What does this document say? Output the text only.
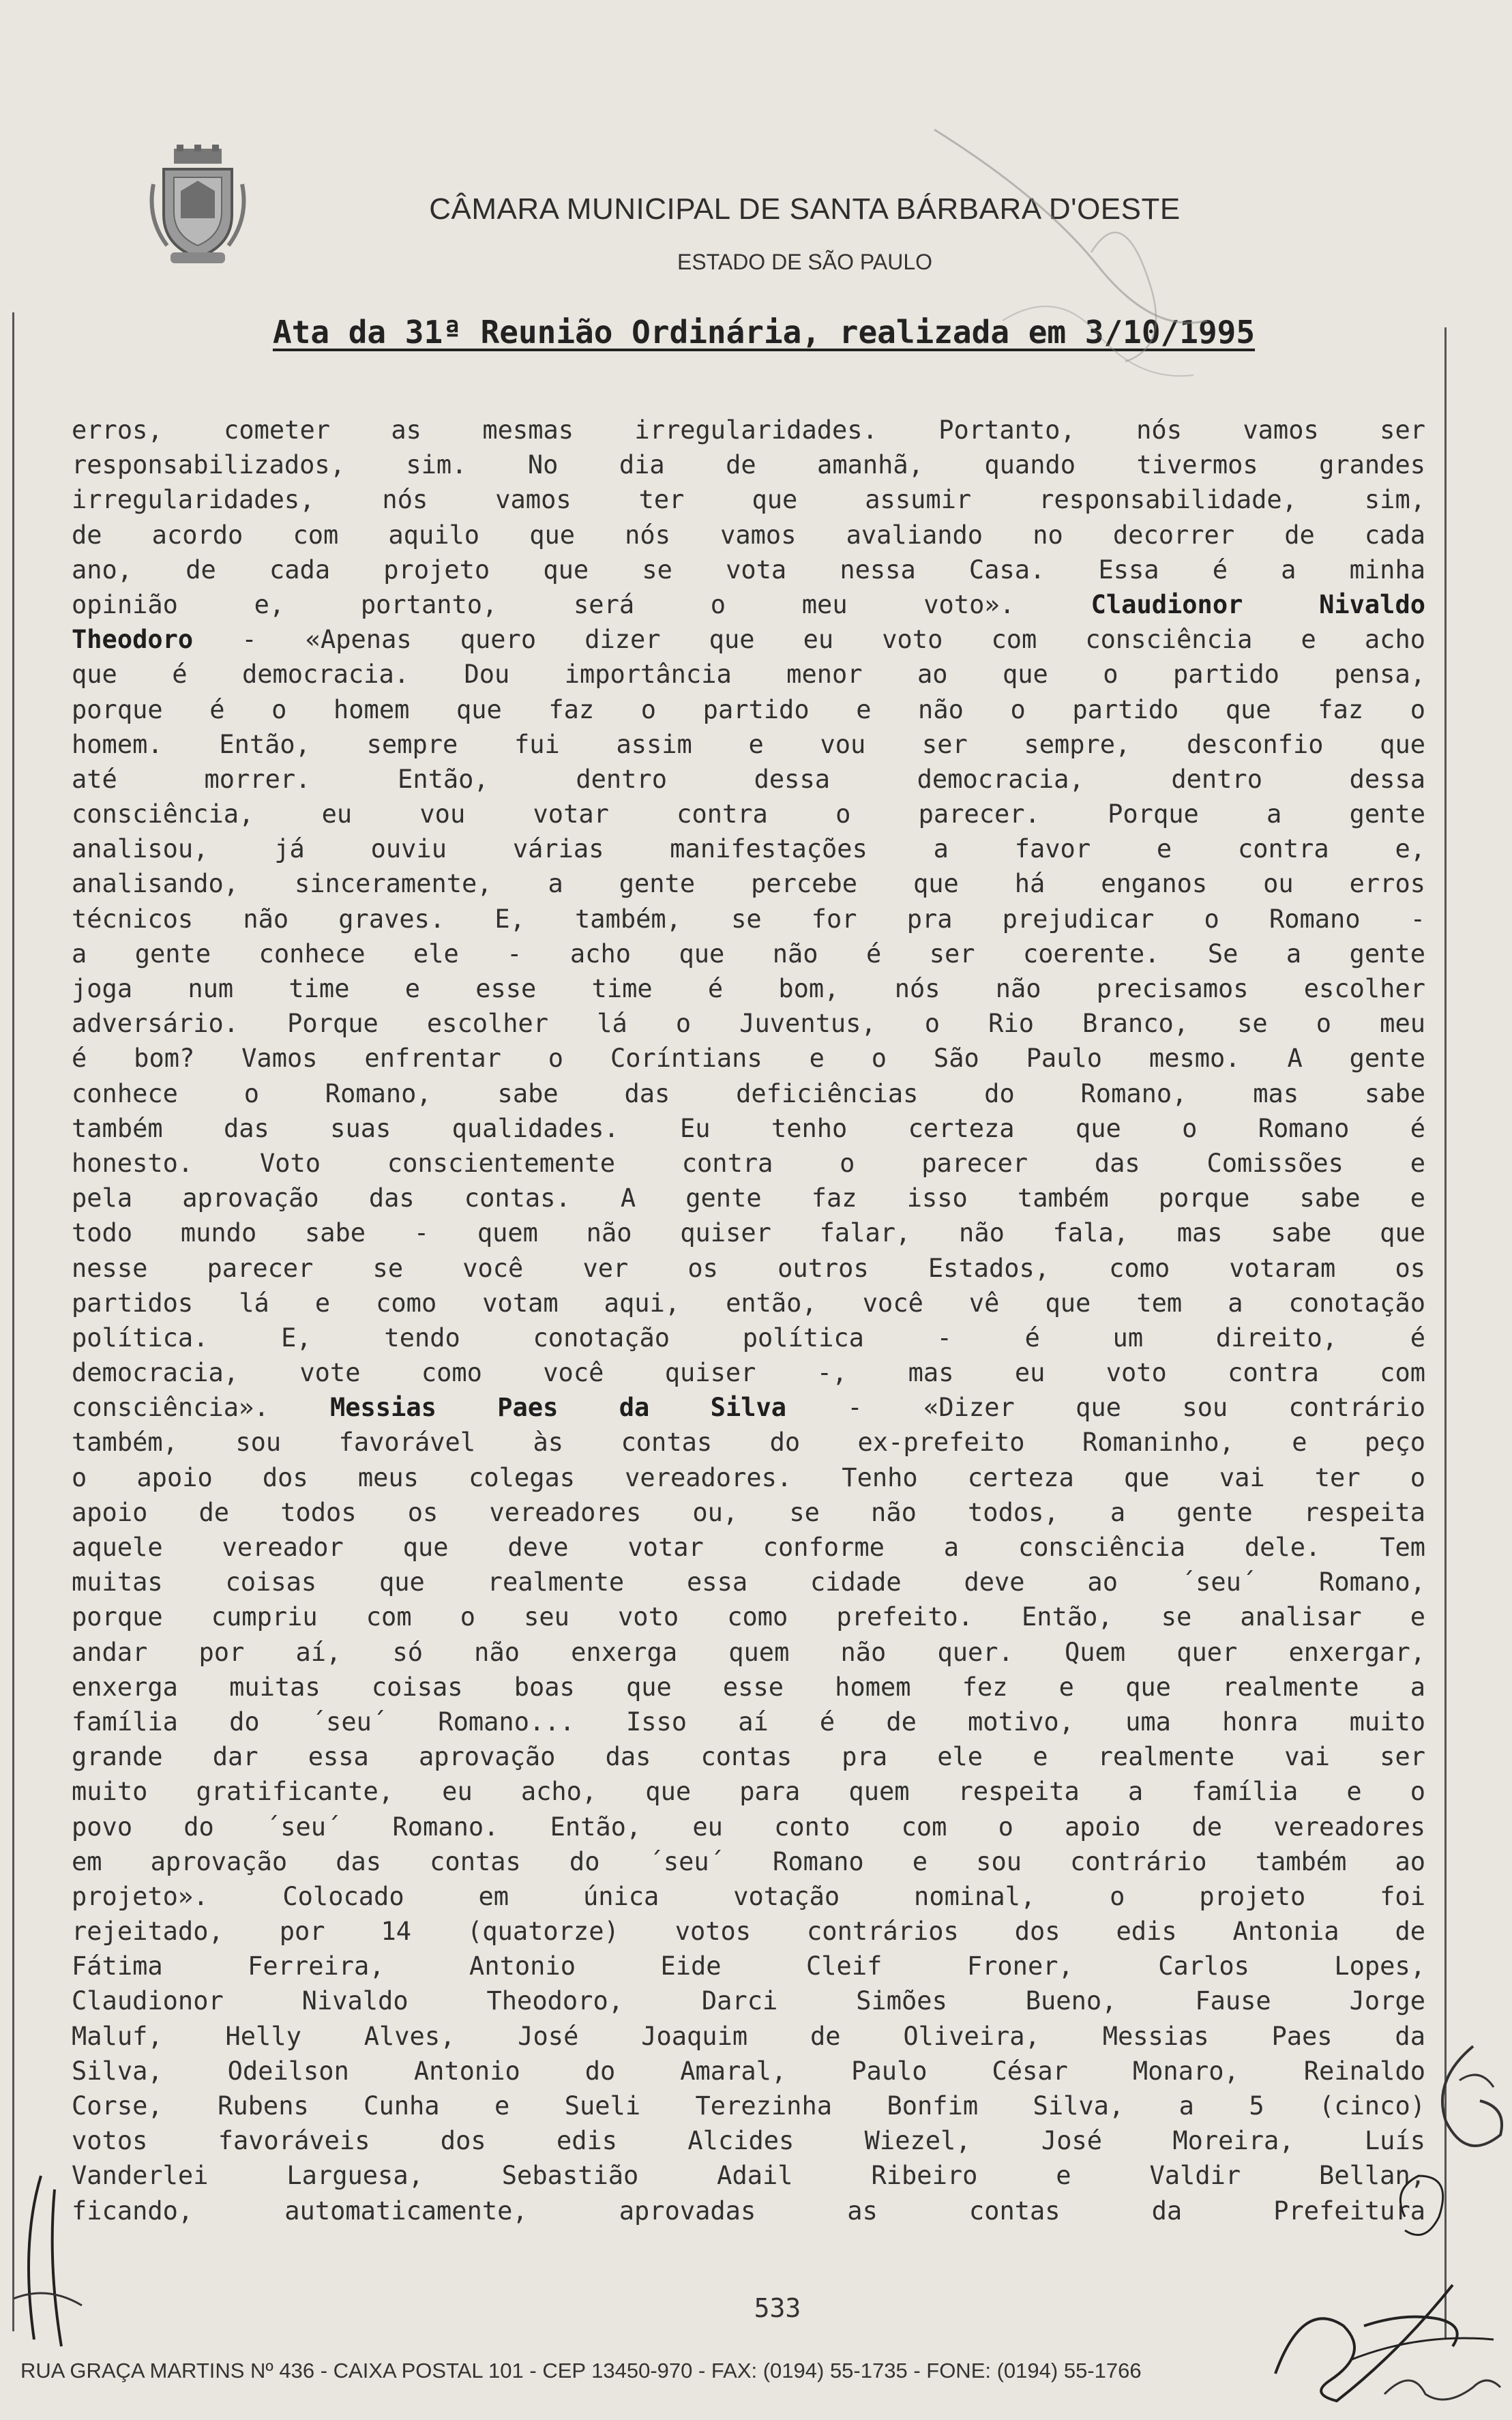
CÂMARA MUNICIPAL DE SANTA BÁRBARA D'OESTE
ESTADO DE SÃO PAULO
Ata da 31ª Reunião Ordinária, realizada em 3/10/1995
erros, cometer as mesmas irregularidades. Portanto, nós vamos ser
responsabilizados, sim. No dia de amanhã, quando tivermos grandes
irregularidades, nós vamos ter que assumir responsabilidade, sim,
de acordo com aquilo que nós vamos avaliando no decorrer de cada
ano, de cada projeto que se vota nessa Casa. Essa é a minha
opinião e, portanto, será o meu voto». Claudionor Nivaldo
Theodoro - «Apenas quero dizer que eu voto com consciência e acho
que é democracia. Dou importância menor ao que o partido pensa,
porque é o homem que faz o partido e não o partido que faz o
homem. Então, sempre fui assim e vou ser sempre, desconfio que
até morrer. Então, dentro dessa democracia, dentro dessa
consciência, eu vou votar contra o parecer. Porque a gente
analisou, já ouviu várias manifestações a favor e contra e,
analisando, sinceramente, a gente percebe que há enganos ou erros
técnicos não graves. E, também, se for pra prejudicar o Romano -
a gente conhece ele - acho que não é ser coerente. Se a gente
joga num time e esse time é bom, nós não precisamos escolher
adversário. Porque escolher lá o Juventus, o Rio Branco, se o meu
é bom? Vamos enfrentar o Coríntians e o São Paulo mesmo. A gente
conhece o Romano, sabe das deficiências do Romano, mas sabe
também das suas qualidades. Eu tenho certeza que o Romano é
honesto. Voto conscientemente contra o parecer das Comissões e
pela aprovação das contas. A gente faz isso também porque sabe e
todo mundo sabe - quem não quiser falar, não fala, mas sabe que
nesse parecer se você ver os outros Estados, como votaram os
partidos lá e como votam aqui, então, você vê que tem a conotação
política. E, tendo conotação política - é um direito, é
democracia, vote como você quiser -, mas eu voto contra com
consciência». Messias Paes da Silva - «Dizer que sou contrário
também, sou favorável às contas do ex-prefeito Romaninho, e peço
o apoio dos meus colegas vereadores. Tenho certeza que vai ter o
apoio de todos os vereadores ou, se não todos, a gente respeita
aquele vereador que deve votar conforme a consciência dele. Tem
muitas coisas que realmente essa cidade deve ao ´seu´ Romano,
porque cumpriu com o seu voto como prefeito. Então, se analisar e
andar por aí, só não enxerga quem não quer. Quem quer enxergar,
enxerga muitas coisas boas que esse homem fez e que realmente a
família do ´seu´ Romano... Isso aí é de motivo, uma honra muito
grande dar essa aprovação das contas pra ele e realmente vai ser
muito gratificante, eu acho, que para quem respeita a família e o
povo do ´seu´ Romano. Então, eu conto com o apoio de vereadores
em aprovação das contas do ´seu´ Romano e sou contrário também ao
projeto». Colocado em única votação nominal, o projeto foi
rejeitado, por 14 (quatorze) votos contrários dos edis Antonia de
Fátima Ferreira, Antonio Eide Cleif Froner, Carlos Lopes,
Claudionor Nivaldo Theodoro, Darci Simões Bueno, Fause Jorge
Maluf, Helly Alves, José Joaquim de Oliveira, Messias Paes da
Silva, Odeilson Antonio do Amaral, Paulo César Monaro, Reinaldo
Corse, Rubens Cunha e Sueli Terezinha Bonfim Silva, a 5 (cinco)
votos favoráveis dos edis Alcides Wiezel, José Moreira, Luís
Vanderlei Larguesa, Sebastião Adail Ribeiro e Valdir Bellan,
ficando, automaticamente, aprovadas as contas da Prefeitura
533
RUA GRAÇA MARTINS Nº 436 - CAIXA POSTAL 101 - CEP 13450-970 - FAX: (0194) 55-1735 - FONE: (0194) 55-1766
